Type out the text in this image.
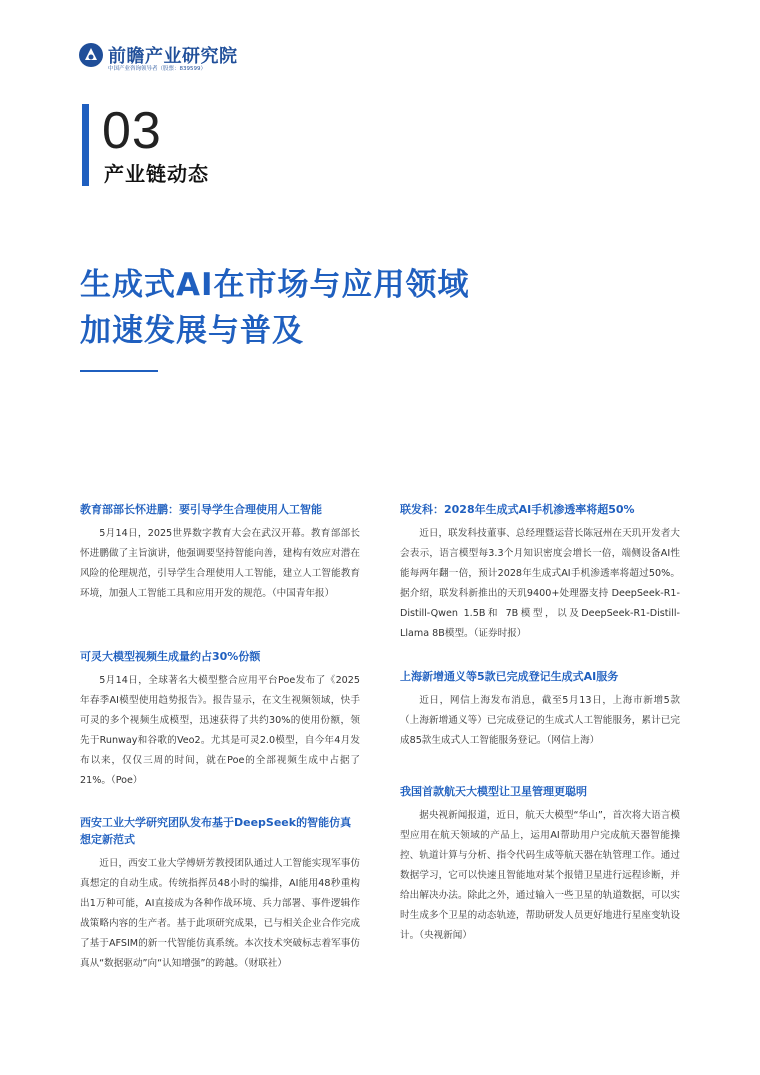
前瞻产业研究院
中国产业咨询领导者（股票：839599）
03
产业链动态
生成式AI在市场与应用领域
加速发展与普及
教育部部长怀进鹏：要引导学生合理使用人工智能

5月14日，2025世界数字教育大会在武汉开幕。教育部部长怀进鹏做了主旨演讲，他强调要坚持智能向善，建构有效应对潜在风险的伦理规范，引导学生合理使用人工智能，建立人工智能教育环境，加强人工智能工具和应用开发的规范。（中国青年报）

可灵大模型视频生成量约占30%份额

5月14日，全球著名大模型整合应用平台Poe发布了《2025年春季AI模型使用趋势报告》。报告显示，在文生视频领域，快手可灵的多个视频生成模型，迅速获得了共约30%的使用份额，领先于Runway和谷歌的Veo2。尤其是可灵2.0模型，自今年4月发布以来，仅仅三周的时间，就在Poe的全部视频生成中占据了21%。（Poe）

西安工业大学研究团队发布基于DeepSeek的智能仿真想定新范式

近日，西安工业大学傅妍芳教授团队通过人工智能实现军事仿真想定的自动生成。传统指挥员48小时的编排，AI能用48秒重构出1万种可能，AI直接成为各种作战环境、兵力部署、事件逻辑作战策略内容的生产者。基于此项研究成果，已与相关企业合作完成了基于AFSIM的新一代智能仿真系统。本次技术突破标志着军事仿真从“数据驱动”向“认知增强”的跨越。（财联社）

联发科：2028年生成式AI手机渗透率将超50%

近日，联发科技董事、总经理暨运营长陈冠州在天玑开发者大会表示，语言模型每3.3个月知识密度会增长一倍，端侧设备AI性能每两年翻一倍，预计2028年生成式AI手机渗透率将超过50%。据介绍，联发科新推出的天玑9400+处理器支持 DeepSeek-R1-Distill-Qwen 1.5B和 7B模型，以及DeepSeek-R1-Distill-Llama 8B模型。（证券时报）

上海新增通义等5款已完成登记生成式AI服务

近日，网信上海发布消息，截至5月13日，上海市新增5款（上海新增通义等）已完成登记的生成式人工智能服务，累计已完成85款生成式人工智能服务登记。（网信上海）

我国首款航天大模型让卫星管理更聪明

据央视新闻报道，近日，航天大模型“华山”，首次将大语言模型应用在航天领域的产品上，运用AI帮助用户完成航天器智能操控、轨道计算与分析、指令代码生成等航天器在轨管理工作。通过数据学习，它可以快速且智能地对某个报错卫星进行远程诊断，并给出解决办法。除此之外，通过输入一些卫星的轨道数据，可以实时生成多个卫星的动态轨迹，帮助研发人员更好地进行星座变轨设计。（央视新闻）
